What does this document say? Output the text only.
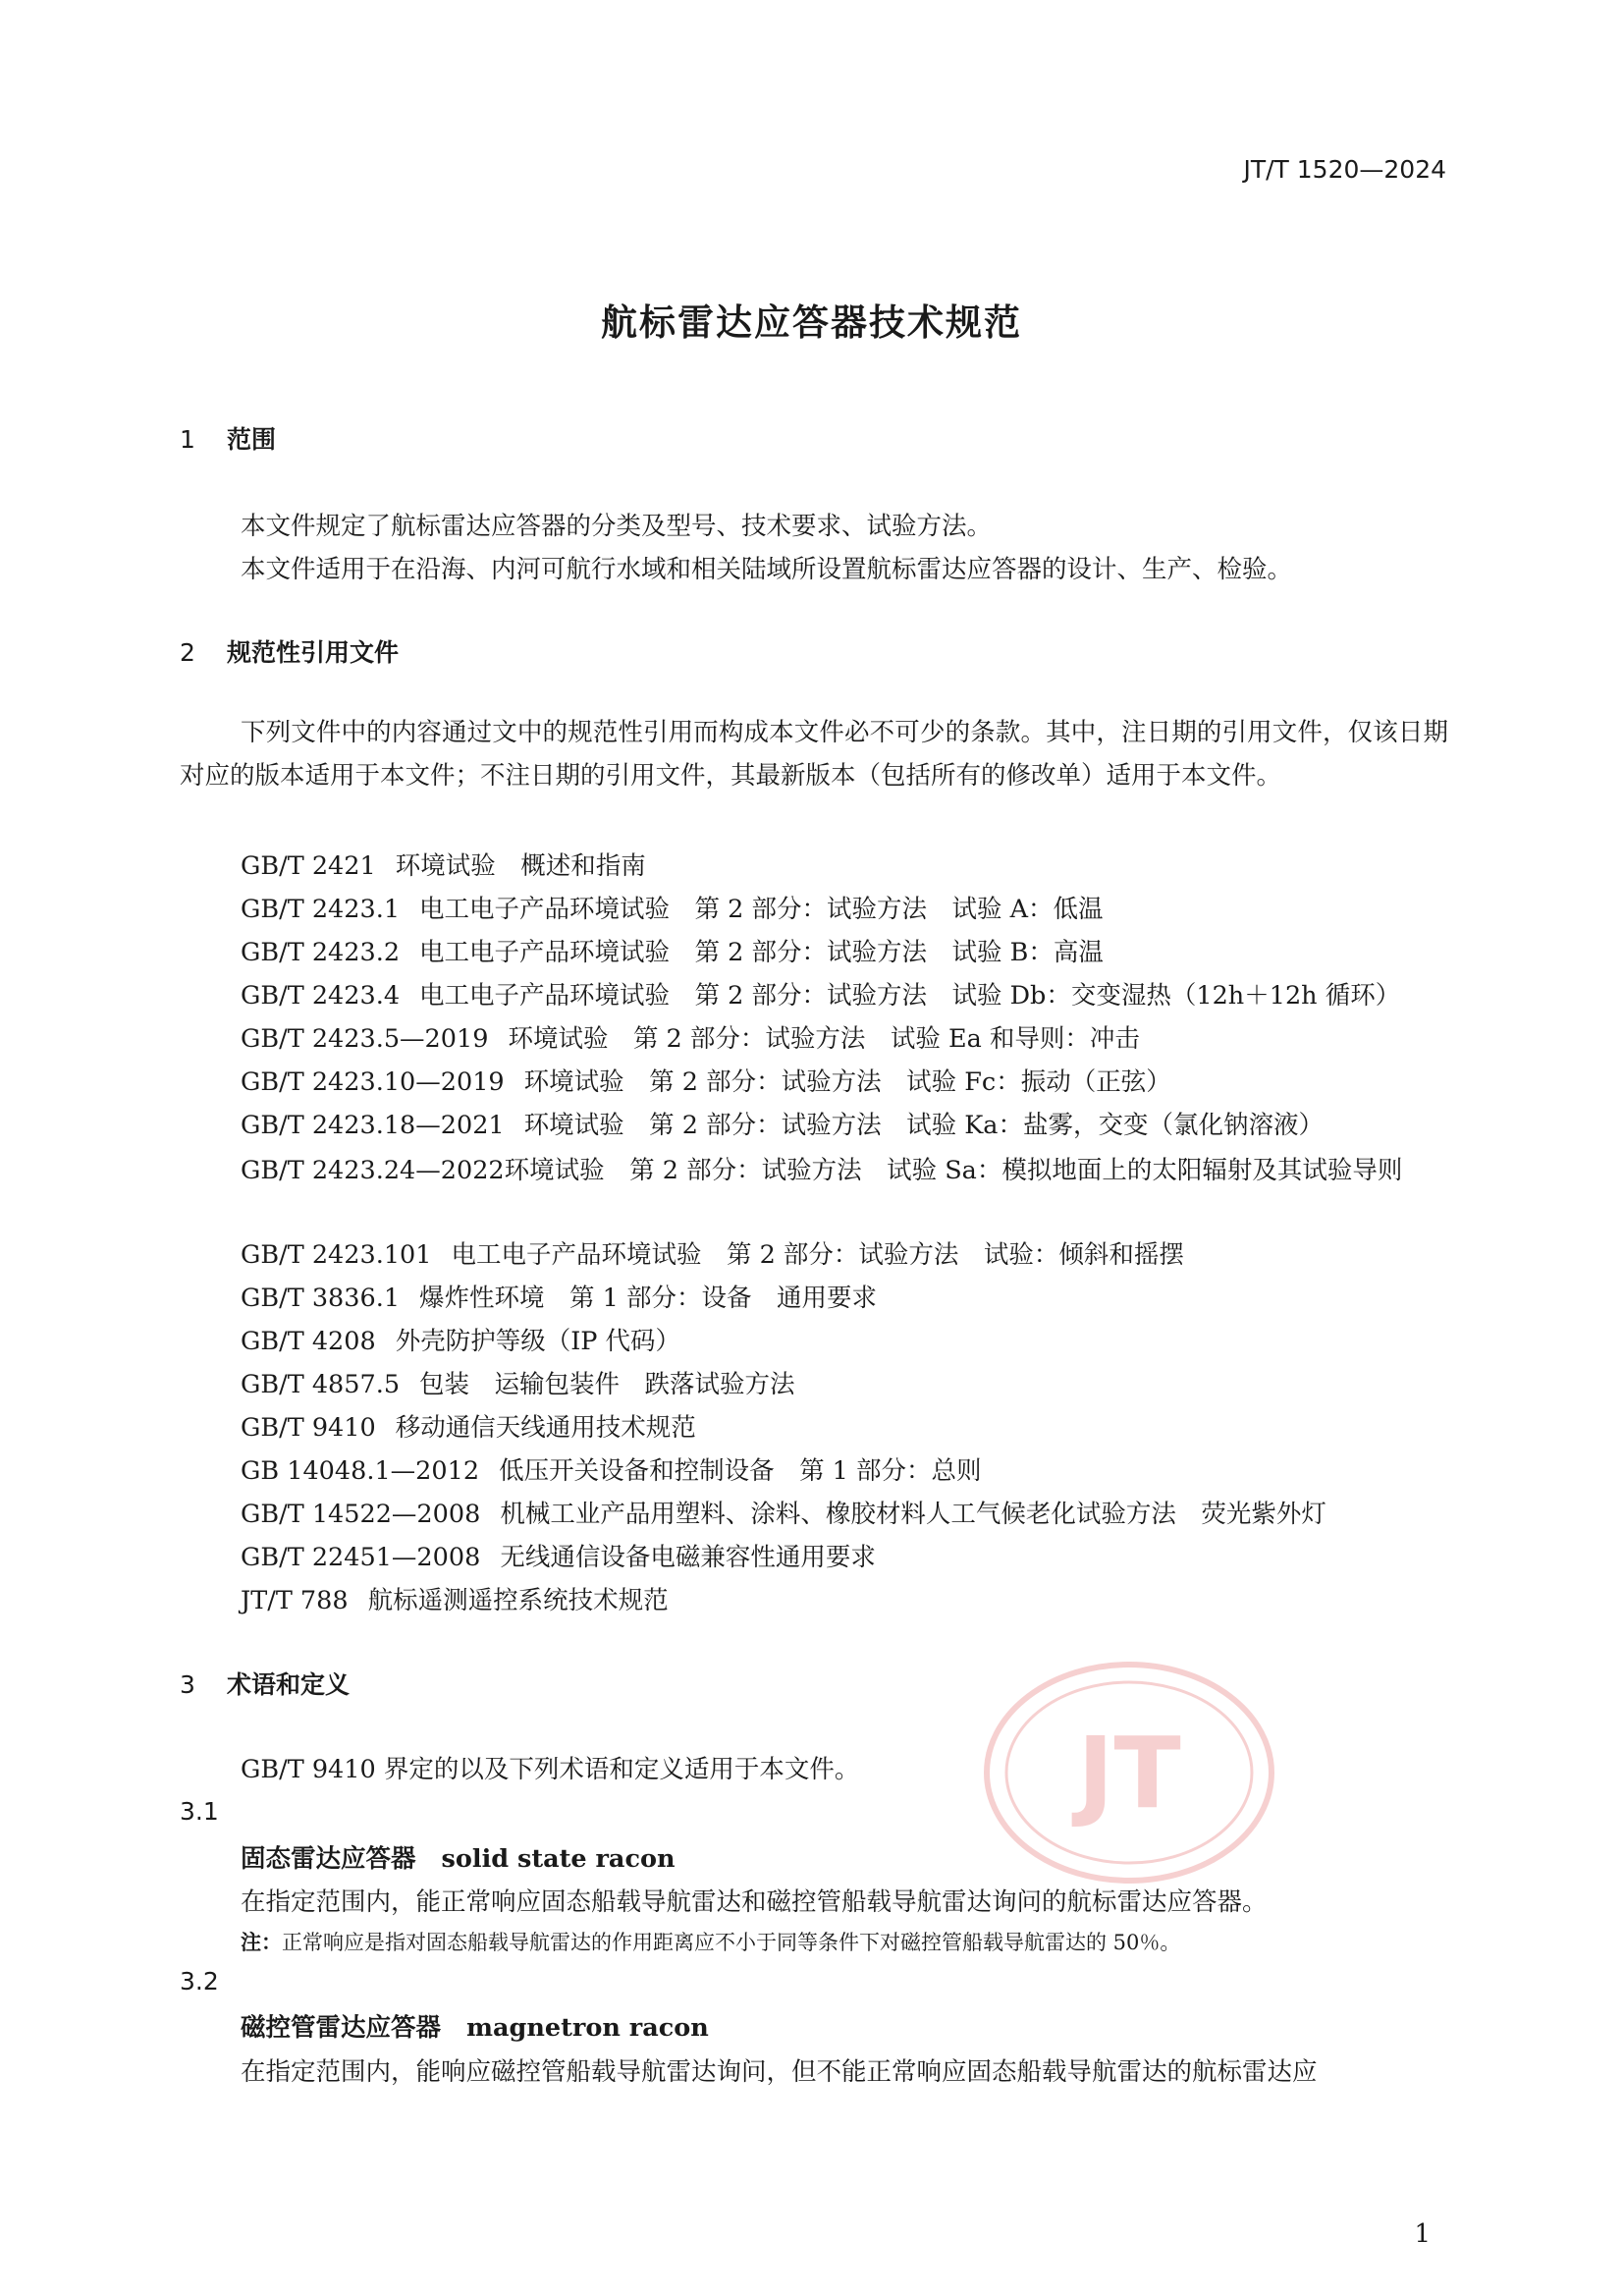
JT/T 1520—2024
航标雷达应答器技术规范
1 范围
本文件规定了航标雷达应答器的分类及型号、技术要求、试验方法。
本文件适用于在沿海、内河可航行水域和相关陆域所设置航标雷达应答器的设计、生产、检验。
2 规范性引用文件
下列文件中的内容通过文中的规范性引用而构成本文件必不可少的条款。其中，注日期的引用文件，仅该日期对应的版本适用于本文件；不注日期的引用文件，其最新版本（包括所有的修改单）适用于本文件。
GB/T 2421 环境试验　概述和指南
GB/T 2423.1 电工电子产品环境试验　第 2 部分：试验方法　试验 A：低温
GB/T 2423.2 电工电子产品环境试验　第 2 部分：试验方法　试验 B：高温
GB/T 2423.4 电工电子产品环境试验　第 2 部分：试验方法　试验 Db：交变湿热（12h＋12h 循环）
GB/T 2423.5—2019 环境试验　第 2 部分：试验方法　试验 Ea 和导则：冲击
GB/T 2423.10—2019 环境试验　第 2 部分：试验方法　试验 Fc：振动（正弦）
GB/T 2423.18—2021 环境试验　第 2 部分：试验方法　试验 Ka：盐雾，交变（氯化钠溶液）
GB/T 2423.24—2022环境试验　第 2 部分：试验方法　试验 Sa：模拟地面上的太阳辐射及其试验导则
GB/T 2423.101 电工电子产品环境试验　第 2 部分：试验方法　试验：倾斜和摇摆
GB/T 3836.1 爆炸性环境　第 1 部分：设备　通用要求
GB/T 4208 外壳防护等级（IP 代码）
GB/T 4857.5 包装　运输包装件　跌落试验方法
GB/T 9410 移动通信天线通用技术规范
GB 14048.1—2012 低压开关设备和控制设备　第 1 部分：总则
GB/T 14522—2008 机械工业产品用塑料、涂料、橡胶材料人工气候老化试验方法　荧光紫外灯
GB/T 22451—2008 无线通信设备电磁兼容性通用要求
JT/T 788 航标遥测遥控系统技术规范
3 术语和定义
GB/T 9410 界定的以及下列术语和定义适用于本文件。
3.1
固态雷达应答器 solid state racon
在指定范围内，能正常响应固态船载导航雷达和磁控管船载导航雷达询问的航标雷达应答器。
注：正常响应是指对固态船载导航雷达的作用距离应不小于同等条件下对磁控管船载导航雷达的 50％。
3.2
磁控管雷达应答器 magnetron racon
在指定范围内，能响应磁控管船载导航雷达询问，但不能正常响应固态船载导航雷达的航标雷达应
JT
1
